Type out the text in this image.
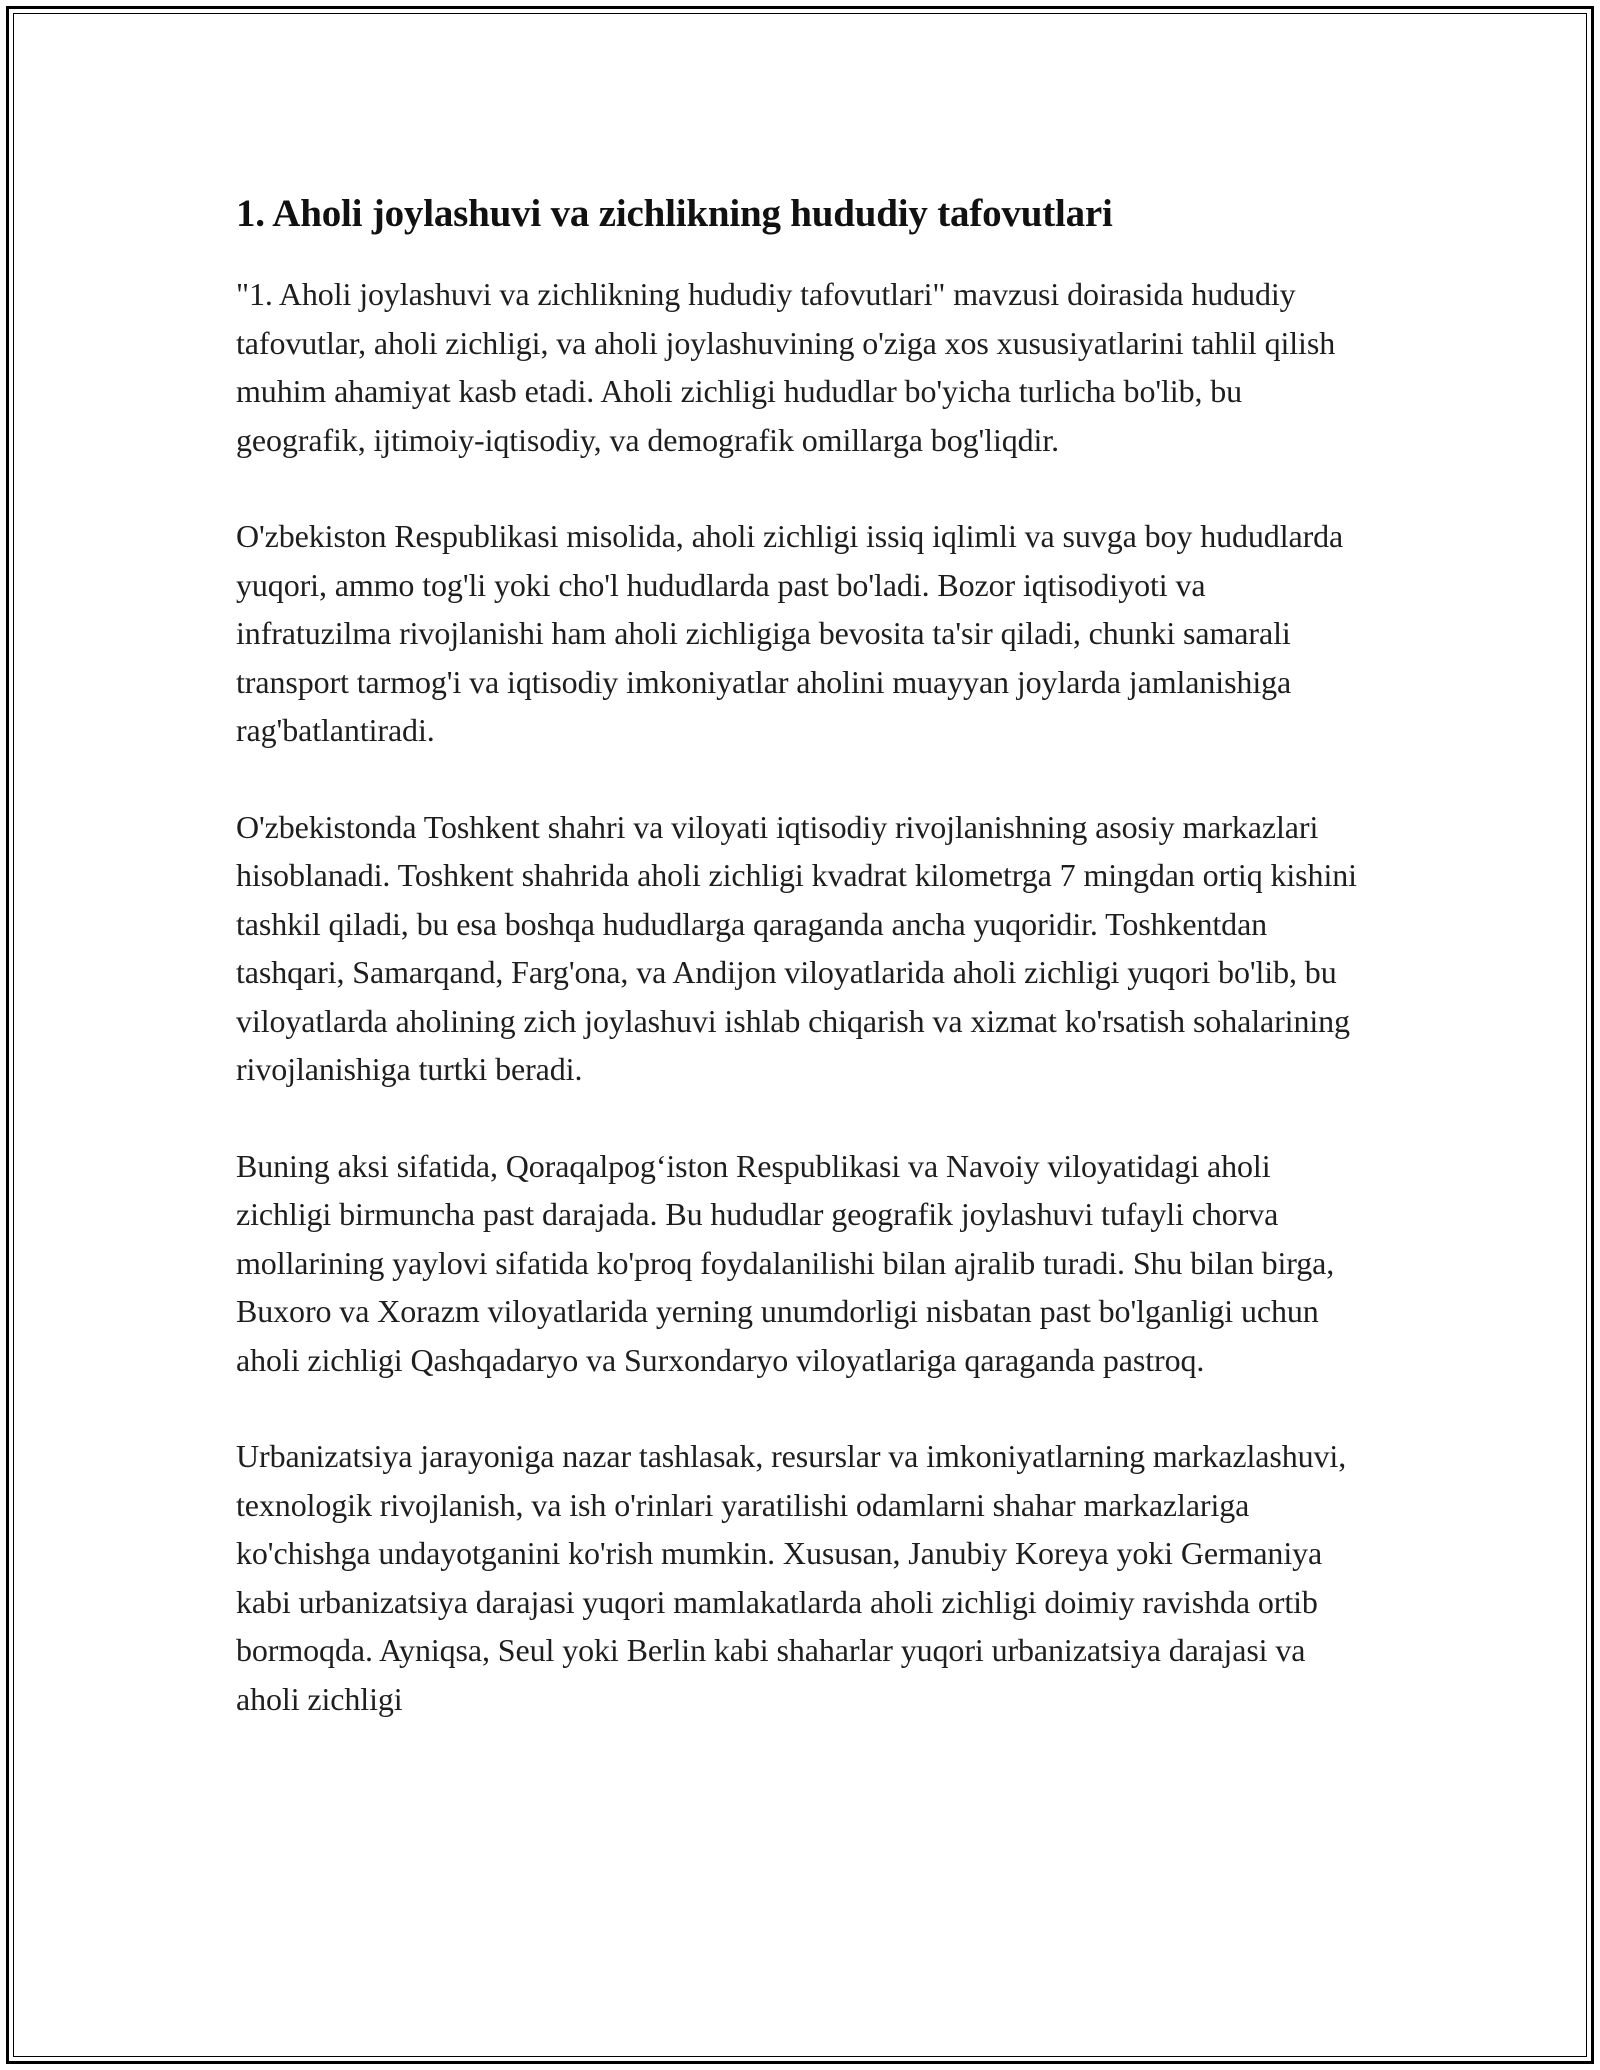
1. Aholi joylashuvi va zichlikning hududiy tafovutlari

"1. Aholi joylashuvi va zichlikning hududiy tafovutlari" mavzusi doirasida hududiy tafovutlar, aholi zichligi, va aholi joylashuvining o'ziga xos xususiyatlarini tahlil qilish muhim ahamiyat kasb etadi. Aholi zichligi hududlar bo'yicha turlicha bo'lib, bu geografik, ijtimoiy-iqtisodiy, va demografik omillarga bog'liqdir.

O'zbekiston Respublikasi misolida, aholi zichligi issiq iqlimli va suvga boy hududlarda yuqori, ammo tog'li yoki cho'l hududlarda past bo'ladi. Bozor iqtisodiyoti va infratuzilma rivojlanishi ham aholi zichligiga bevosita ta'sir qiladi, chunki samarali transport tarmog'i va iqtisodiy imkoniyatlar aholini muayyan joylarda jamlanishiga rag'batlantiradi.

O'zbekistonda Toshkent shahri va viloyati iqtisodiy rivojlanishning asosiy markazlari hisoblanadi. Toshkent shahrida aholi zichligi kvadrat kilometrga 7 mingdan ortiq kishini tashkil qiladi, bu esa boshqa hududlarga qaraganda ancha yuqoridir. Toshkentdan tashqari, Samarqand, Farg'ona, va Andijon viloyatlarida aholi zichligi yuqori bo'lib, bu viloyatlarda aholining zich joylashuvi ishlab chiqarish va xizmat ko'rsatish sohalarining rivojlanishiga turtki beradi.

Buning aksi sifatida, Qoraqalpog‘iston Respublikasi va Navoiy viloyatidagi aholi zichligi birmuncha past darajada. Bu hududlar geografik joylashuvi tufayli chorva mollarining yaylovi sifatida ko'proq foydalanilishi bilan ajralib turadi. Shu bilan birga, Buxoro va Xorazm viloyatlarida yerning unumdorligi nisbatan past bo'lganligi uchun aholi zichligi Qashqadaryo va Surxondaryo viloyatlariga qaraganda pastroq.

Urbanizatsiya jarayoniga nazar tashlasak, resurslar va imkoniyatlarning markazlashuvi, texnologik rivojlanish, va ish o'rinlari yaratilishi odamlarni shahar markazlariga ko'chishga undayotganini ko'rish mumkin. Xususan, Janubiy Koreya yoki Germaniya kabi urbanizatsiya darajasi yuqori mamlakatlarda aholi zichligi doimiy ravishda ortib bormoqda. Ayniqsa, Seul yoki Berlin kabi shaharlar yuqori urbanizatsiya darajasi va aholi zichligi
